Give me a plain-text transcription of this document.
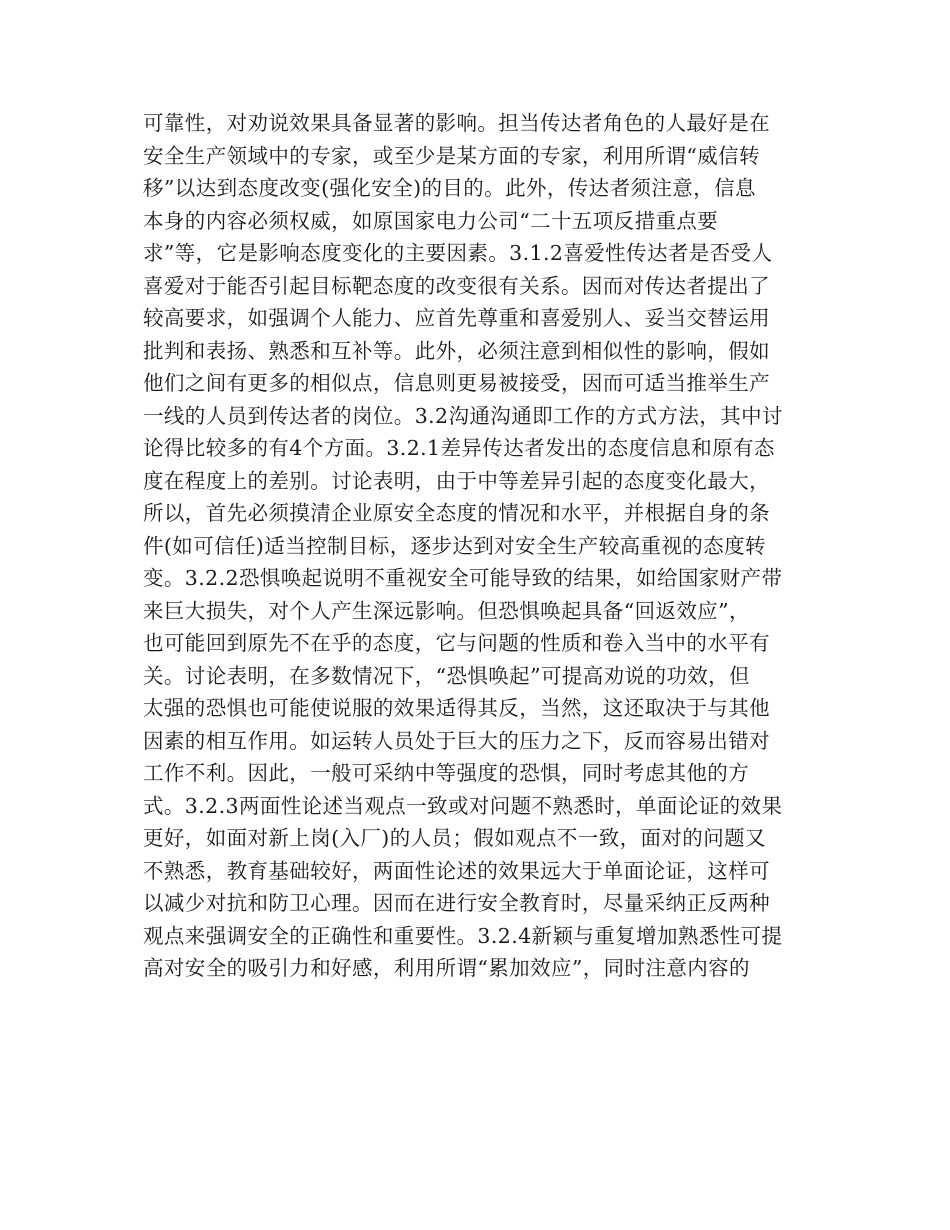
可靠性，对劝说效果具备显著的影响。担当传达者角色的人最好是在
安全生产领域中的专家，或至少是某方面的专家，利用所谓“威信转
移”以达到态度改变(强化安全)的目的。此外，传达者须注意，信息
本身的内容必须权威，如原国家电力公司“二十五项反措重点要
求”等，它是影响态度变化的主要因素。3.1.2喜爱性传达者是否受人
喜爱对于能否引起目标靶态度的改变很有关系。因而对传达者提出了
较高要求，如强调个人能力、应首先尊重和喜爱别人、妥当交替运用
批判和表扬、熟悉和互补等。此外，必须注意到相似性的影响，假如
他们之间有更多的相似点，信息则更易被接受，因而可适当推举生产
一线的人员到传达者的岗位。3.2沟通沟通即工作的方式方法，其中讨
论得比较多的有4个方面。3.2.1差异传达者发出的态度信息和原有态
度在程度上的差别。讨论表明，由于中等差异引起的态度变化最大，
所以，首先必须摸清企业原安全态度的情况和水平，并根据自身的条
件(如可信任)适当控制目标，逐步达到对安全生产较高重视的态度转
变。3.2.2恐惧唤起说明不重视安全可能导致的结果，如给国家财产带
来巨大损失，对个人产生深远影响。但恐惧唤起具备“回返效应”，
也可能回到原先不在乎的态度，它与问题的性质和卷入当中的水平有
关。讨论表明，在多数情况下，“恐惧唤起”可提高劝说的功效，但
太强的恐惧也可能使说服的效果适得其反，当然，这还取决于与其他
因素的相互作用。如运转人员处于巨大的压力之下，反而容易出错对
工作不利。因此，一般可采纳中等强度的恐惧，同时考虑其他的方
式。3.2.3两面性论述当观点一致或对问题不熟悉时，单面论证的效果
更好，如面对新上岗(入厂)的人员；假如观点不一致，面对的问题又
不熟悉，教育基础较好，两面性论述的效果远大于单面论证，这样可
以减少对抗和防卫心理。因而在进行安全教育时，尽量采纳正反两种
观点来强调安全的正确性和重要性。3.2.4新颖与重复增加熟悉性可提
高对安全的吸引力和好感，利用所谓“累加效应”，同时注意内容的
